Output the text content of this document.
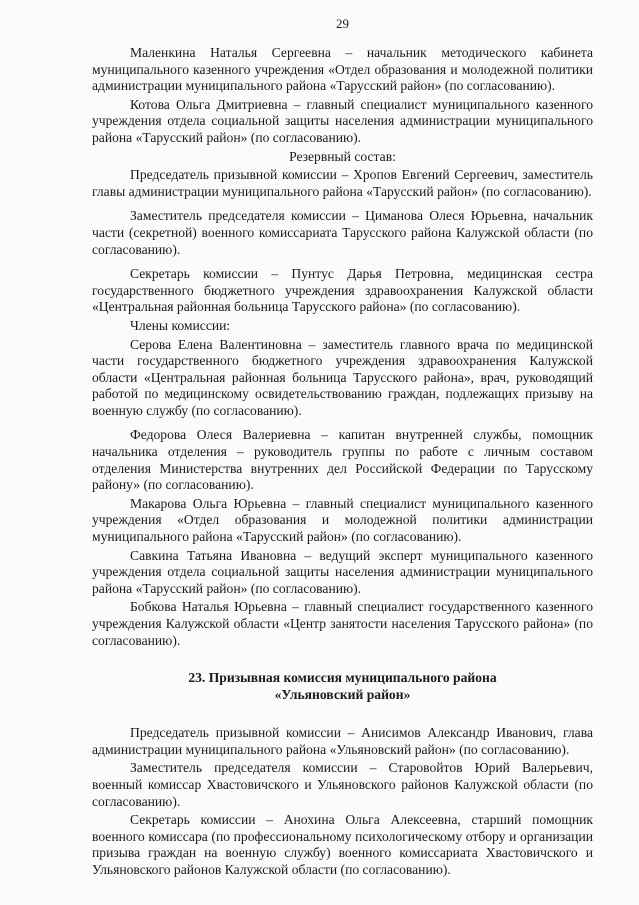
29

Маленкина Наталья Сергеевна – начальник методического кабинета муниципального казенного учреждения «Отдел образования и молодежной политики администрации муниципального района «Тарусский район» (по согласованию).

Котова Ольга Дмитриевна – главный специалист муниципального казенного учреждения отдела социальной защиты населения администрации муниципального района «Тарусский район» (по согласованию).

Резервный состав:

Председатель призывной комиссии – Хропов Евгений Сергеевич, заместитель главы администрации муниципального района «Тарусский район» (по согласованию).

Заместитель председателя комиссии – Циманова Олеся Юрьевна, начальник части (секретной) военного комиссариата Тарусского района Калужской области (по согласованию).

Секретарь комиссии – Пунтус Дарья Петровна, медицинская сестра государственного бюджетного учреждения здравоохранения Калужской области «Центральная районная больница Тарусского района» (по согласованию).

Члены комиссии:

Серова Елена Валентиновна – заместитель главного врача по медицинской части государственного бюджетного учреждения здравоохранения Калужской области «Центральная районная больница Тарусского района», врач, руководящий работой по медицинскому освидетельствованию граждан, подлежащих призыву на военную службу (по согласованию).

Федорова Олеся Валериевна – капитан внутренней службы, помощник начальника отделения – руководитель группы по работе с личным составом отделения Министерства внутренних дел Российской Федерации по Тарусскому району» (по согласованию).

Макарова Ольга Юрьевна – главный специалист муниципального казенного учреждения «Отдел образования и молодежной политики администрации муниципального района «Тарусский район» (по согласованию).

Савкина Татьяна Ивановна – ведущий эксперт муниципального казенного учреждения отдела социальной защиты населения администрации муниципального района «Тарусский район» (по согласованию).

Бобкова Наталья Юрьевна – главный специалист государственного казенного учреждения Калужской области «Центр занятости населения Тарусского района» (по согласованию).

23. Призывная комиссия муниципального района
«Ульяновский район»

Председатель призывной комиссии – Анисимов Александр Иванович, глава администрации муниципального района «Ульяновский район» (по согласованию).

Заместитель председателя комиссии – Старовойтов Юрий Валерьевич, военный комиссар Хвастовичского и Ульяновского районов Калужской области (по согласованию).

Секретарь комиссии – Анохина Ольга Алексеевна, старший помощник военного комиссара (по профессиональному психологическому отбору и организации призыва граждан на военную службу) военного комиссариата Хвастовичского и Ульяновского районов Калужской области (по согласованию).
